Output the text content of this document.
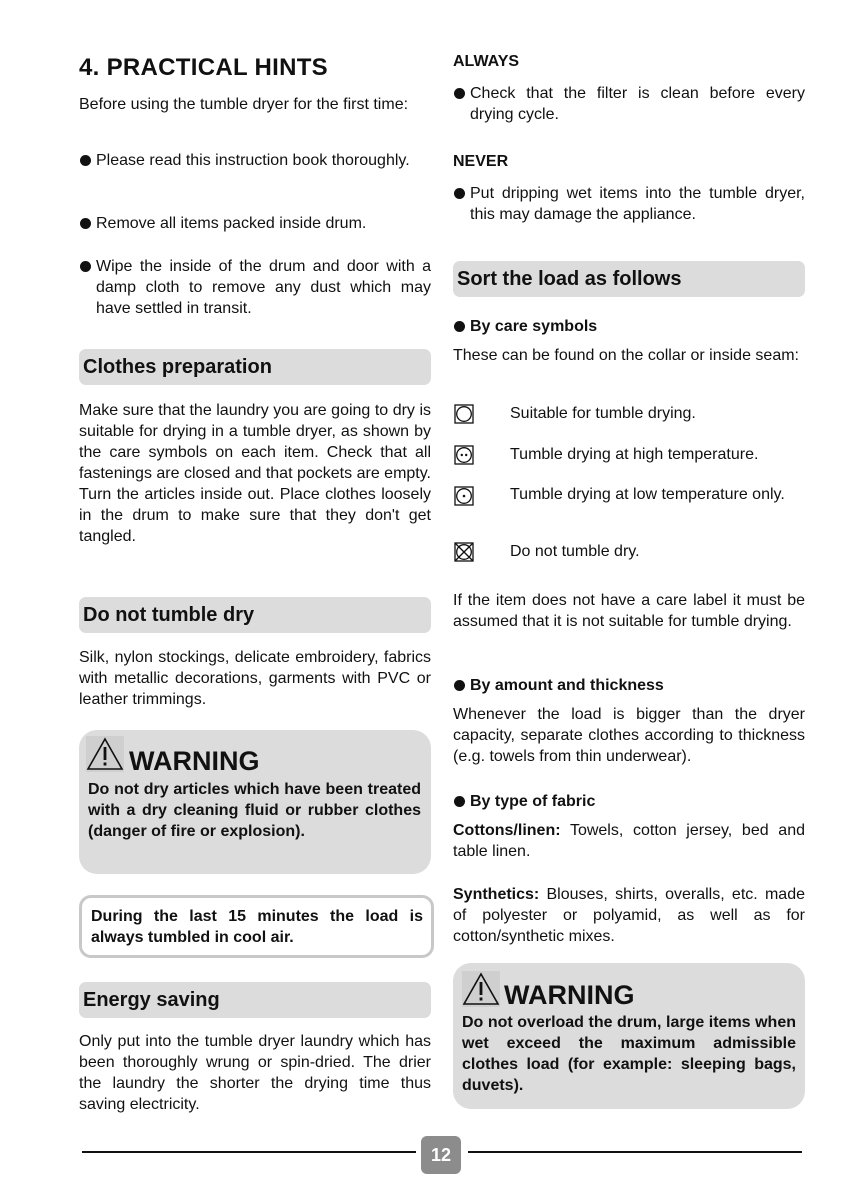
4. PRACTICAL HINTS

Before using the tumble dryer for the first time:

Please read this instruction book thoroughly.
Remove all items packed inside drum.
Wipe the inside of the drum and door with a damp cloth to remove any dust which may have settled in transit.
Clothes preparation

Make sure that the laundry you are going to dry is suitable for drying in a tumble dryer, as shown by the care symbols on each item. Check that all fastenings are closed and that pockets are empty. Turn the articles inside out. Place clothes loosely in the drum to make sure that they don't get tangled.

Do not tumble dry

Silk, nylon stockings, delicate embroidery, fabrics with metallic decorations, garments with PVC or leather trimmings.

WARNING

Do not dry articles which have been treated with a dry cleaning fluid or rubber clothes (danger of fire or explosion).

During the last 15 minutes the load is always tumbled in cool air.
Energy saving

Only put into the tumble dryer laundry which has been thoroughly wrung or spin-dried. The drier the laundry the shorter the drying time thus saving electricity.

ALWAYS
Check that the filter is clean before every drying cycle.
NEVER
Put dripping wet items into the tumble dryer, this may damage the appliance.
Sort the load as follows
By care symbols

These can be found on the collar or inside seam:

Suitable for tumble drying.
Tumble drying at high temperature.
Tumble drying at low temperature only.
Do not tumble dry.

If the item does not have a care label it must be assumed that it is not suitable for tumble drying.

By amount and thickness

Whenever the load is bigger than the dryer capacity, separate clothes according to thickness (e.g. towels from thin underwear).

By type of fabric

Cottons/linen: Towels, cotton jersey, bed and table linen.

Synthetics: Blouses, shirts, overalls, etc. made of polyester or polyamid, as well as for cotton/synthetic mixes.

WARNING

Do not overload the drum, large items when wet exceed the maximum admissible clothes load (for example: sleeping bags, duvets).

12
